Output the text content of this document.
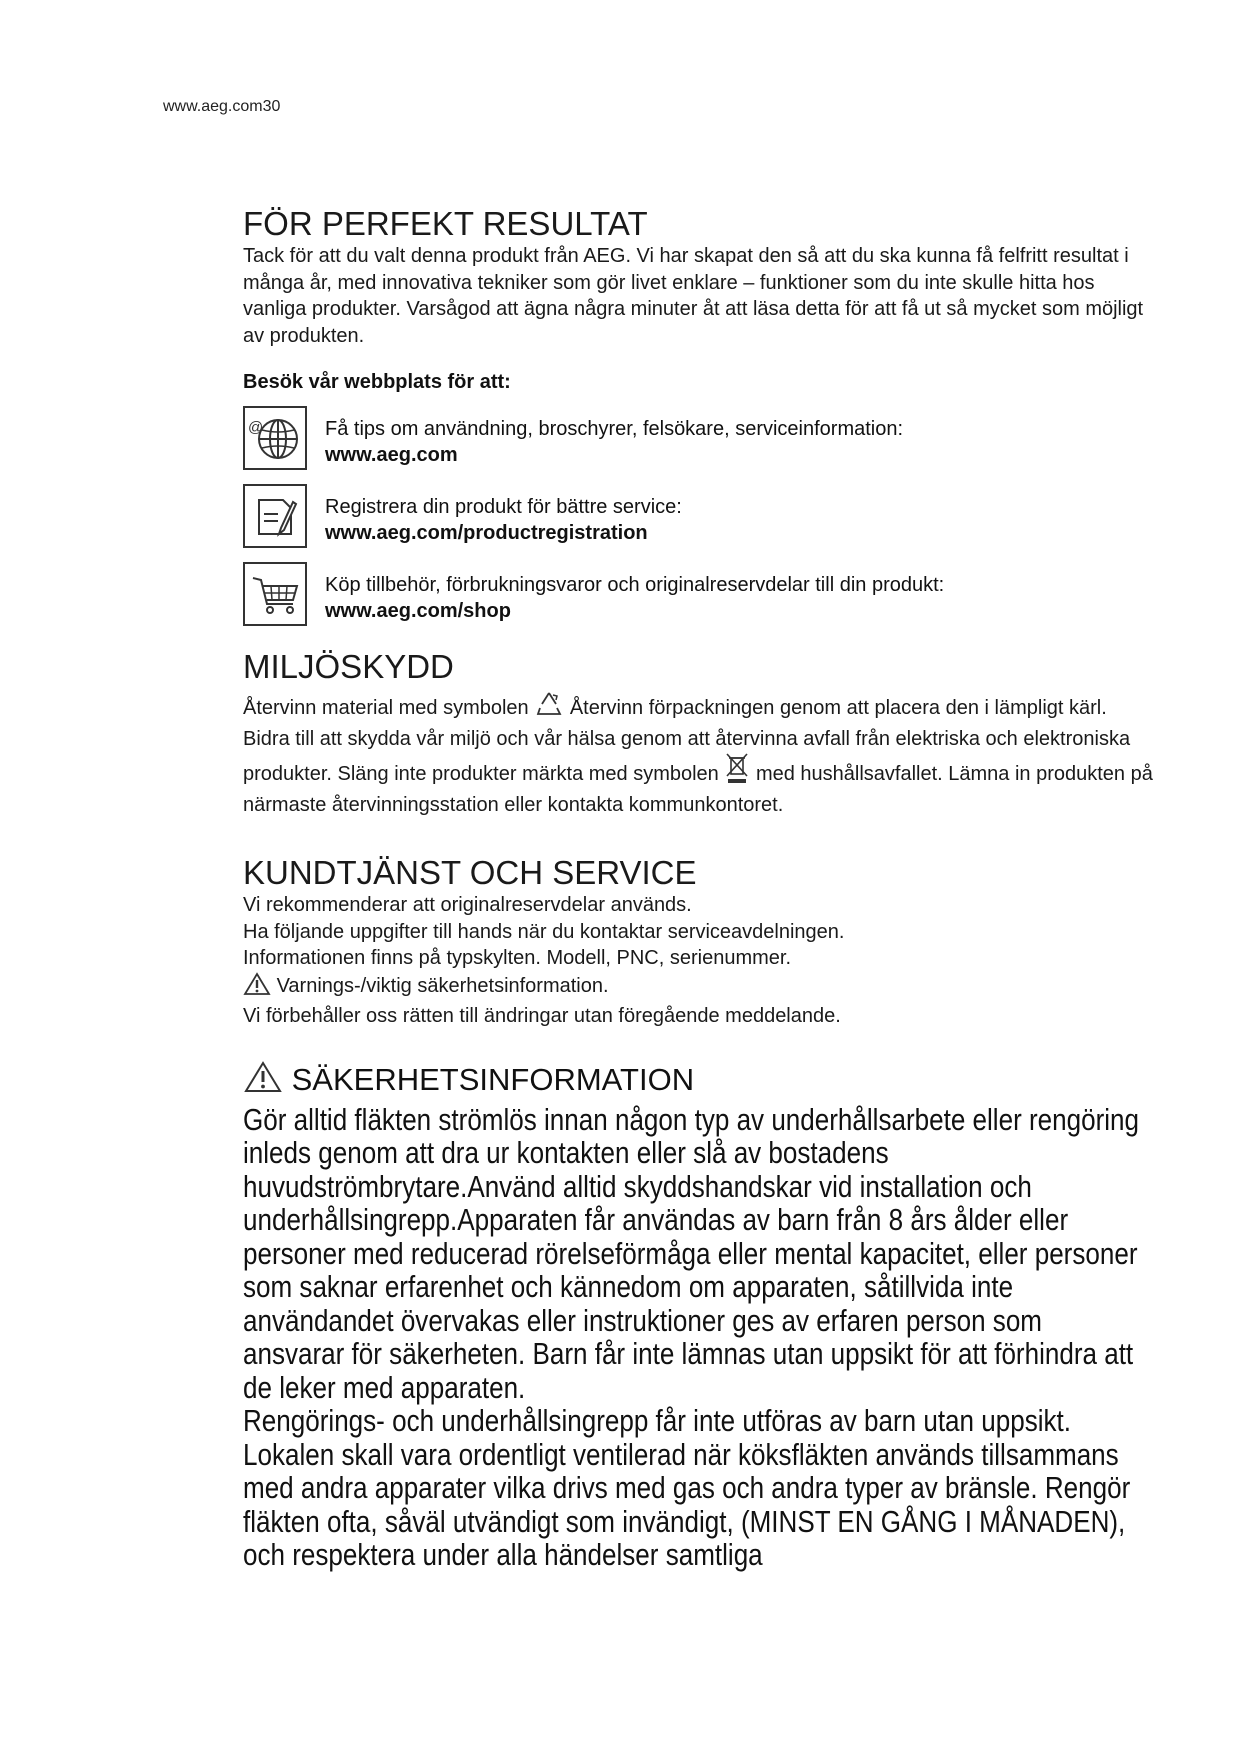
www.aeg.com30
FÖR PERFEKT RESULTAT

Tack för att du valt denna produkt från AEG. Vi har skapat den så att du ska kunna få felfritt resultat i många år, med innovativa tekniker som gör livet enklare – funktioner som du inte skulle hitta hos vanliga produkter. Varsågod att ägna några minuter åt att läsa detta för att få ut så mycket som möjligt av produkten.

Besök vår webbplats för att:
@	Få tips om användning, broschyrer, felsökare, serviceinformation:
www.aeg.com
Registrera din produkt för bättre service:
www.aeg.com/productregistration
Köp tillbehör, förbrukningsvaror och originalreservdelar till din produkt:
www.aeg.com/shop
MILJÖSKYDD

Återvinn material med symbolen Återvinn förpackningen genom att placera den i lämpligt kärl.

Bidra till att skydda vår miljö och vår hälsa genom att återvinna avfall från elektriska och elektroniska produkter. Släng inte produkter märkta med symbolen med hushållsavfallet. Lämna in produkten på närmaste återvinningsstation eller kontakta kommunkontoret.

KUNDTJÄNST OCH SERVICE

Vi rekommenderar att originalreservdelar används.

Ha följande uppgifter till hands när du kontaktar serviceavdelningen.

Informationen finns på typskylten. Modell, PNC, serienummer.

Varnings-/viktig säkerhetsinformation.

Vi förbehåller oss rätten till ändringar utan föregående meddelande.

SÄKERHETSINFORMATION

Gör alltid fläkten strömlös innan någon typ av underhållsarbete eller rengöring inleds genom att dra ur kontakten eller slå av bostadens huvudströmbrytare.Använd alltid skyddshandskar vid installation och underhållsingrepp.Apparaten får användas av barn från 8 års ålder eller personer med reducerad rörelseförmåga eller mental kapacitet, eller personer som saknar erfarenhet och kännedom om apparaten, såtillvida inte användandet övervakas eller instruktioner ges av erfaren person som ansvarar för säkerheten. Barn får inte lämnas utan uppsikt för att förhindra att de leker med apparaten.

Rengörings- och underhållsingrepp får inte utföras av barn utan uppsikt. Lokalen skall vara ordentligt ventilerad när köksfläkten används tillsammans med andra apparater vilka drivs med gas och andra typer av bränsle. Rengör fläkten ofta, såväl utvändigt som invändigt, (MINST EN GÅNG I MÅNADEN), och respektera under alla händelser samtliga
